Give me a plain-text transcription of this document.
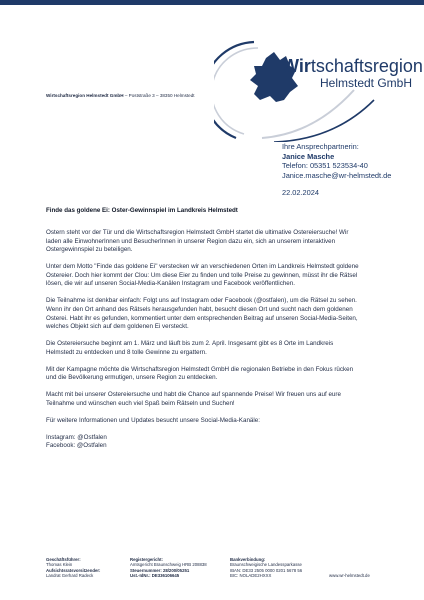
Wirtschaftsregion
Helmstedt GmbH
Wirtschaftsregion Helmstedt GmbH – Poststraße 3 – 38350 Helmstedt
Ihre Ansprechpartnerin:
Janice Masche
Telefon: 05351 523534-40
Janice.masche@wr-helmstedt.de
22.02.2024
Finde das goldene Ei: Oster-Gewinnspiel im Landkreis Helmstedt

Ostern steht vor der Tür und die Wirtschaftsregion Helmstedt GmbH startet die ultimative Ostereiersuche! Wir
laden alle EinwohnerInnen und BesucherInnen in unserer Region dazu ein, sich an unserem interaktiven
Ostergewinnspiel zu beteiligen.

Unter dem Motto "Finde das goldene Ei" verstecken wir an verschiedenen Orten im Landkreis Helmstedt goldene
Ostereier. Doch hier kommt der Clou: Um diese Eier zu finden und tolle Preise zu gewinnen, müsst ihr die Rätsel
lösen, die wir auf unseren Social-Media-Kanälen Instagram und Facebook veröffentlichen.

Die Teilnahme ist denkbar einfach: Folgt uns auf Instagram oder Facebook (@ostfalen), um die Rätsel zu sehen.
Wenn ihr den Ort anhand des Rätsels herausgefunden habt, besucht diesen Ort und sucht nach dem goldenen
Osterei. Habt ihr es gefunden, kommentiert unter dem entsprechenden Beitrag auf unseren Social-Media-Seiten,
welches Objekt sich auf dem goldenen Ei versteckt.

Die Ostereiersuche beginnt am 1. März und läuft bis zum 2. April. Insgesamt gibt es 8 Orte im Landkreis
Helmstedt zu entdecken und 8 tolle Gewinne zu ergattern.

Mit der Kampagne möchte die Wirtschaftsregion Helmstedt GmbH die regionalen Betriebe in den Fokus rücken
und die Bevölkerung ermutigen, unsere Region zu entdecken.

Macht mit bei unserer Ostereiersuche und habt die Chance auf spannende Preise! Wir freuen uns auf eure
Teilnahme und wünschen euch viel Spaß beim Rätseln und Suchen!

Für weitere Informationen und Updates besucht unsere Social-Media-Kanäle:

Instagram: @Ostfalen
Facebook: @Ostfalen

Geschäftsführer:
Thomas Klein
Aufsichtsratsvorsitzender:
Landrat Gerhard Radeck
Registergericht:
Amtsgericht Braunschweig HRB 208838
Steuernummer: 28/200/05251
Ust.-IdNr.: DE336106645
Bankverbindung:
Braunschweigische Landessparkasse
IBAN: DE33 2505 0000 0201 5678 56
BIC: NOLADE2HXXX	www.wr-helmstedt.de
